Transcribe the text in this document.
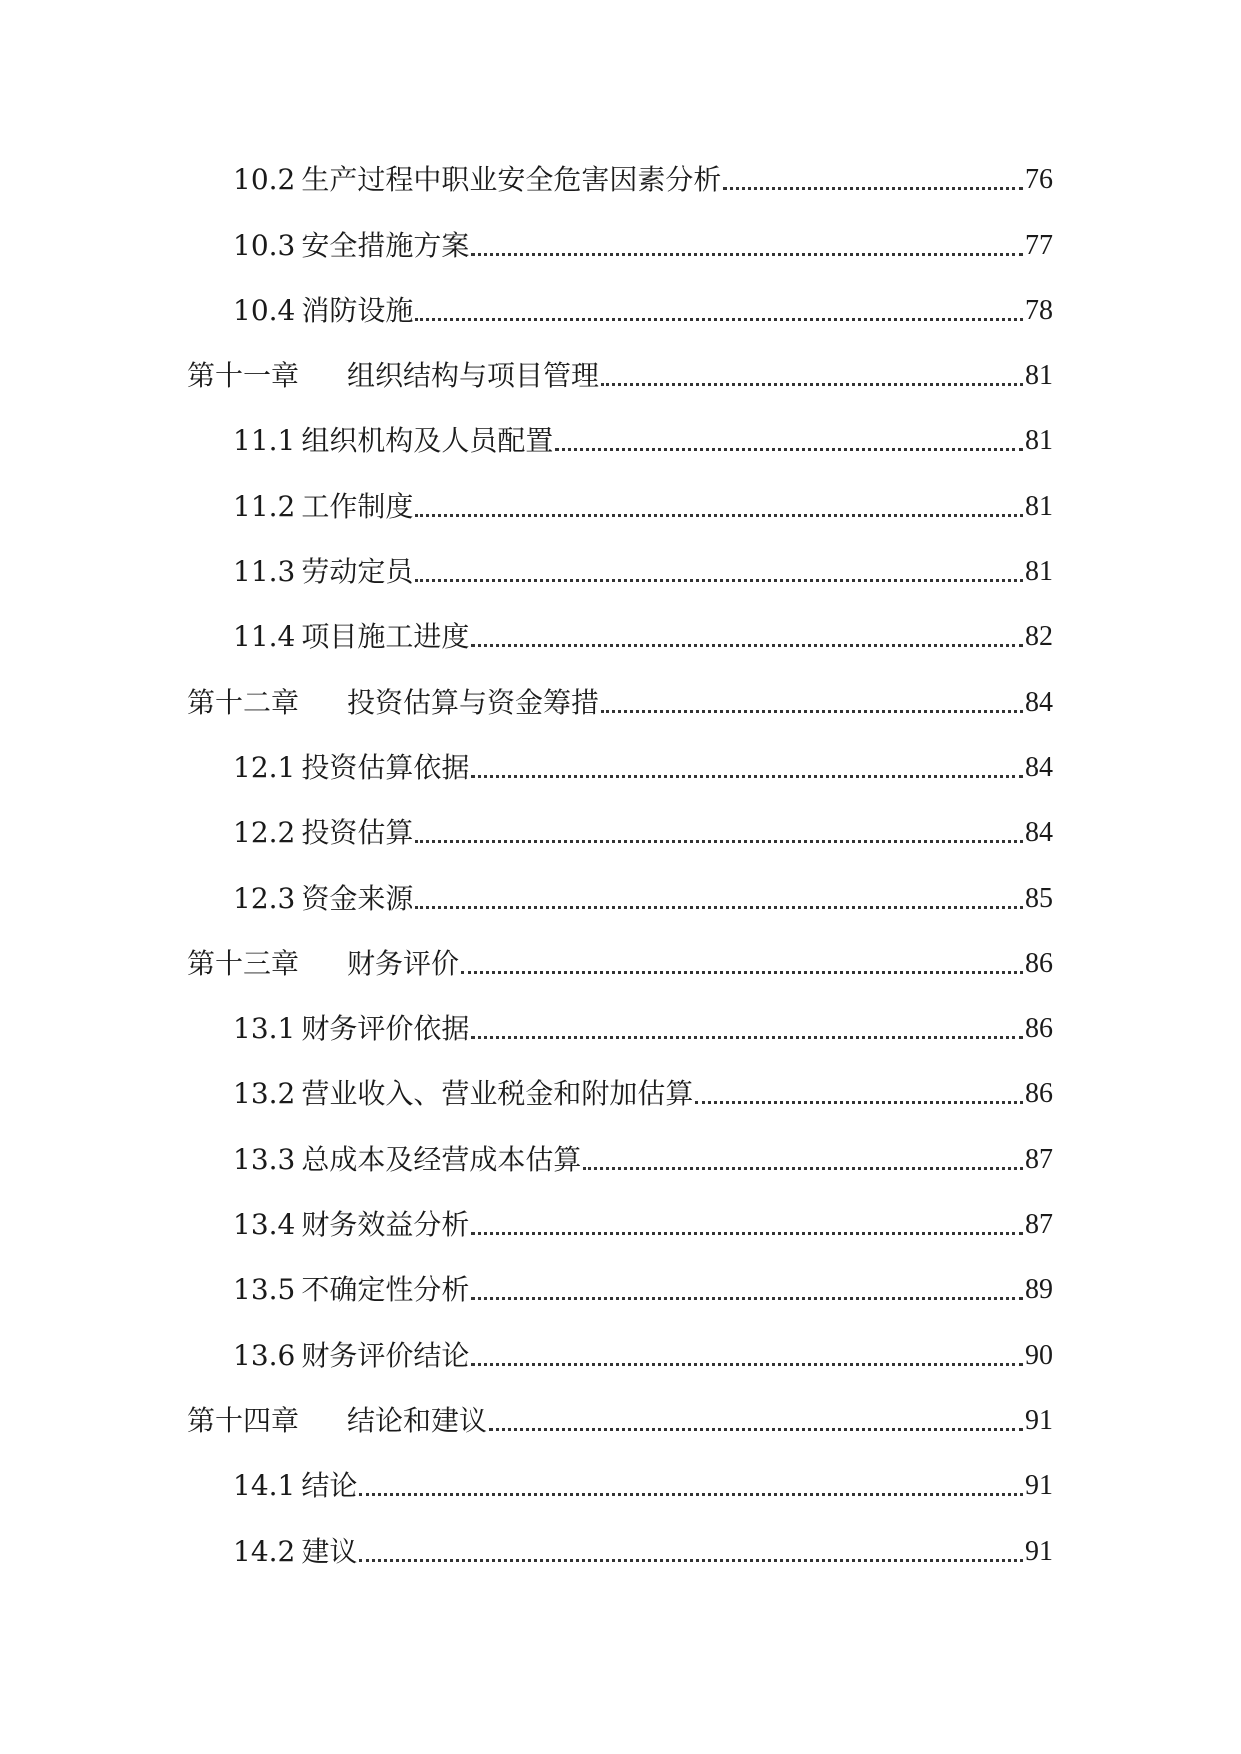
10.2 生产过程中职业安全危害因素分析	76
10.3 安全措施方案	77
10.4 消防设施	78
第十一章 组织结构与项目管理	81
11.1 组织机构及人员配置	81
11.2 工作制度	81
11.3 劳动定员	81
11.4 项目施工进度	82
第十二章 投资估算与资金筹措	84
12.1 投资估算依据	84
12.2 投资估算	84
12.3 资金来源	85
第十三章 财务评价	86
13.1 财务评价依据	86
13.2 营业收入、营业税金和附加估算	86
13.3 总成本及经营成本估算	87
13.4 财务效益分析	87
13.5 不确定性分析	89
13.6 财务评价结论	90
第十四章 结论和建议	91
14.1 结论	91
14.2 建议	91
